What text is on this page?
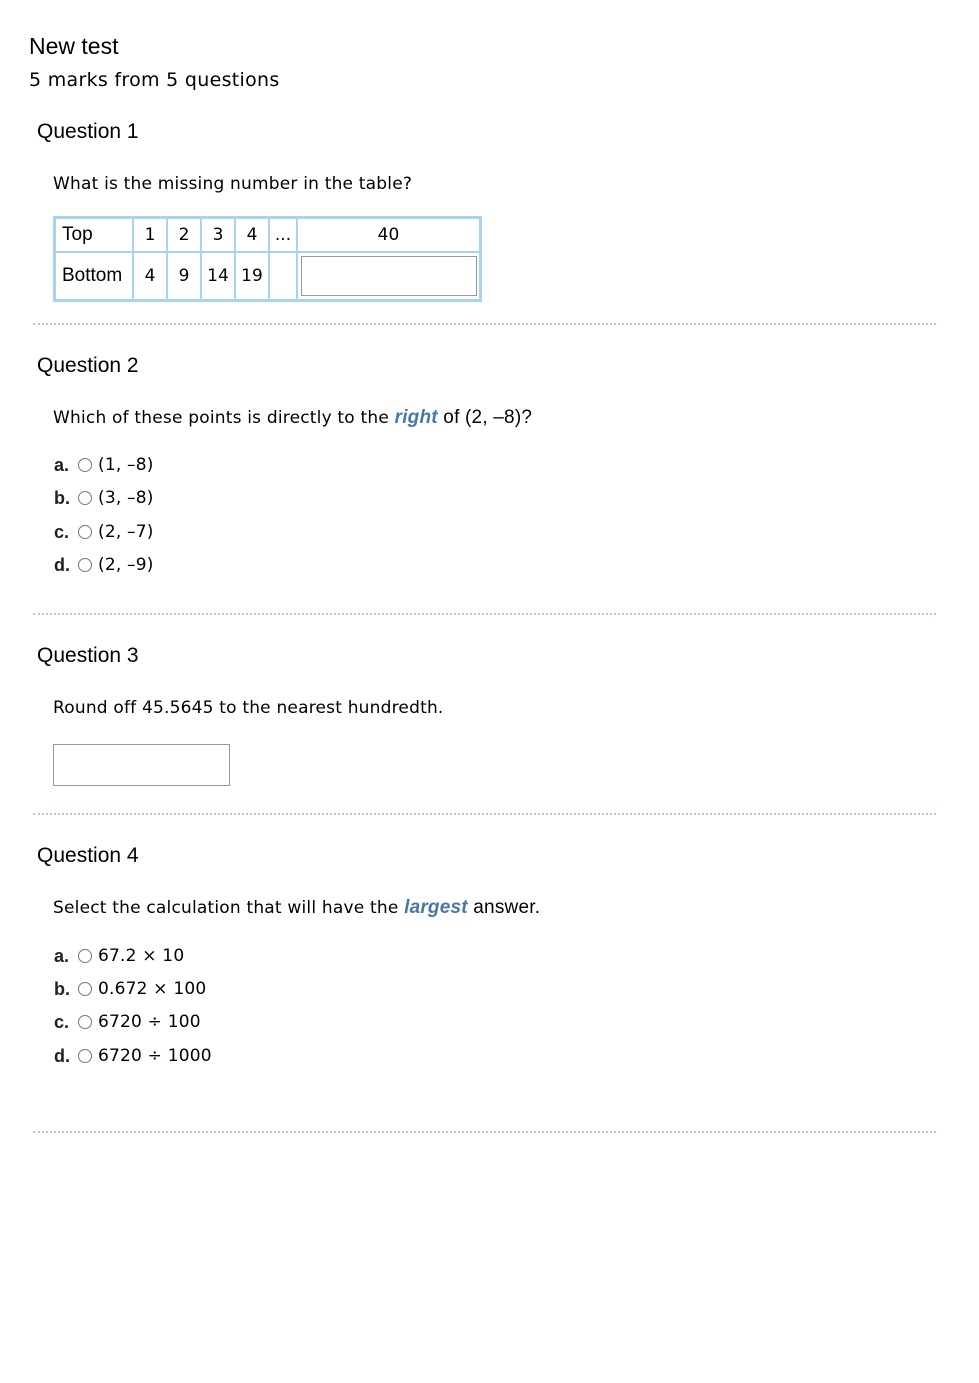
New test
5 marks from 5 questions
Question 1
What is the missing number in the table?
Top	1	2	3	4	...	40
Bottom	4	9	14	19		
Question 2
Which of these points is directly to the right of (2, –8)?
a.	(1, –8)
b.	(3, –8)
c.	(2, –7)
d.	(2, –9)
Question 3
Round off 45.5645 to the nearest hundredth.
Question 4
Select the calculation that will have the largest answer.
a.	67.2 × 10
b.	0.672 × 100
c.	6720 ÷ 100
d.	6720 ÷ 1000
